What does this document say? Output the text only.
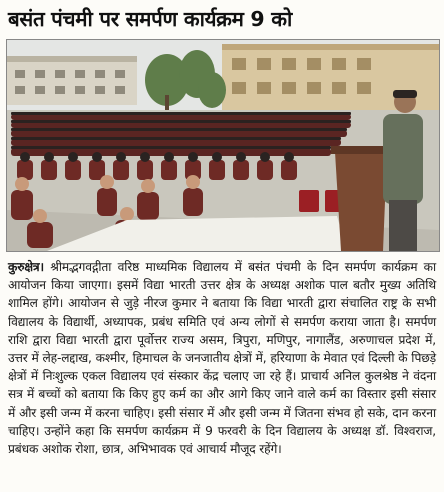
बसंत पंचमी पर समर्पण कार्यक्रम 9 को

कुरुक्षेत्र। श्रीमद्भगवद्गीता वरिष्ठ माध्यमिक विद्यालय में बसंत पंचमी के दिन समर्पण कार्यक्रम का आयोजन किया जाएगा। इसमें विद्या भारती उत्तर क्षेत्र के अध्यक्ष अशोक पाल बतौर मुख्य अतिथि शामिल होंगे। आयोजन से जुड़े नीरज कुमार ने बताया कि विद्या भारती द्वारा संचालित राष्ट्र के सभी विद्यालय के विद्यार्थी, अध्यापक, प्रबंध समिति एवं अन्य लोगों से समर्पण कराया जाता है। समर्पण राशि द्वारा विद्या भारती द्वारा पूर्वोत्तर राज्य असम, त्रिपुरा, मणिपुर, नागालैंड, अरुणाचल प्रदेश में, उत्तर में लेह-लद्दाख, कश्मीर, हिमाचल के जनजातीय क्षेत्रों में, हरियाणा के मेवात एवं दिल्ली के पिछड़े क्षेत्रों में निःशुल्क एकल विद्यालय एवं संस्कार केंद्र चलाए जा रहे हैं। प्राचार्य अनिल कुलश्रेष्ठ ने वंदना सत्र में बच्चों को बताया कि किए हुए कर्म का और आगे किए जाने वाले कर्म का विस्तार इसी संसार में और इसी जन्म में करना चाहिए। इसी संसार में और इसी जन्म में जितना संभव हो सके, दान करना चाहिए। उन्होंने कहा कि समर्पण कार्यक्रम में 9 फरवरी के दिन विद्यालय के अध्यक्ष डॉ. विश्वराज, प्रबंधक अशोक रोशा, छात्र, अभिभावक एवं आचार्य मौजूद रहेंगे।
